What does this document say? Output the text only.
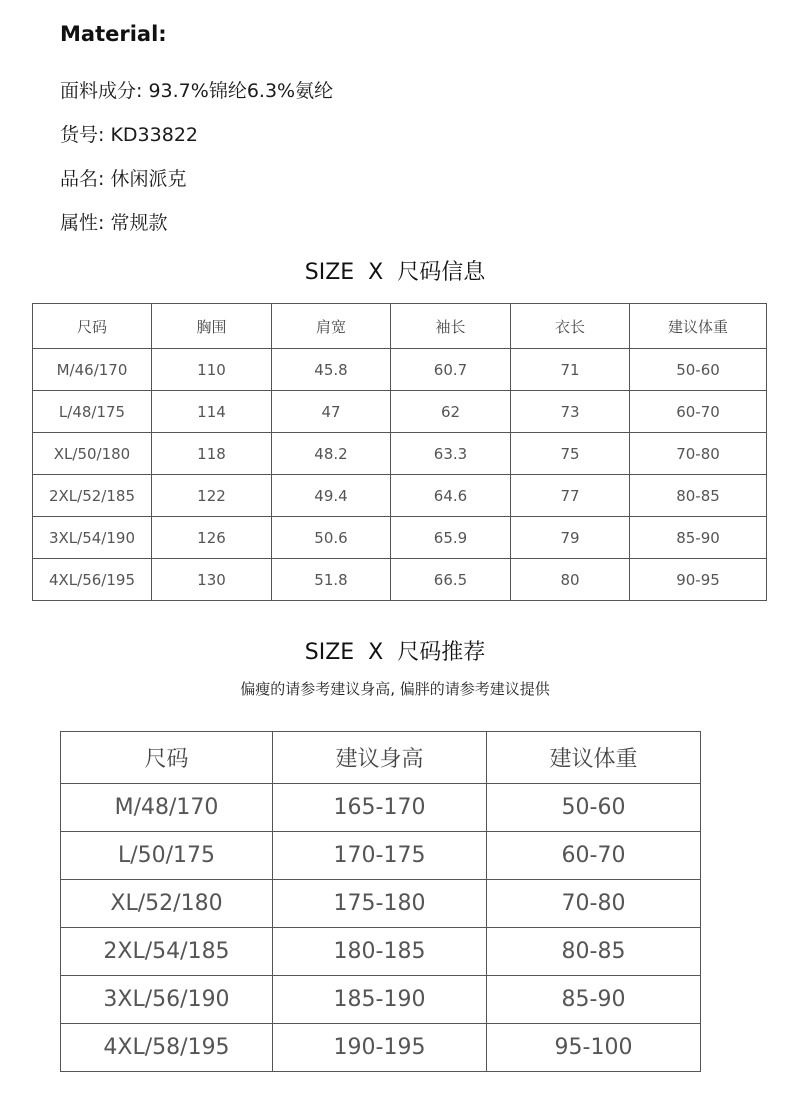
Material:
面料成分: 93.7%锦纶6.3%氨纶
货号: KD33822
品名: 休闲派克
属性: 常规款
SIZE  X  尺码信息
尺码	胸围	肩宽	袖长	衣长	建议体重
M/46/170	110	45.8	60.7	71	50-60
L/48/175	114	47	62	73	60-70
XL/50/180	118	48.2	63.3	75	70-80
2XL/52/185	122	49.4	64.6	77	80-85
3XL/54/190	126	50.6	65.9	79	85-90
4XL/56/195	130	51.8	66.5	80	90-95
SIZE  X  尺码推荐
偏瘦的请参考建议身高, 偏胖的请参考建议提供
尺码	建议身高	建议体重
M/48/170	165-170	50-60
L/50/175	170-175	60-70
XL/52/180	175-180	70-80
2XL/54/185	180-185	80-85
3XL/56/190	185-190	85-90
4XL/58/195	190-195	95-100
